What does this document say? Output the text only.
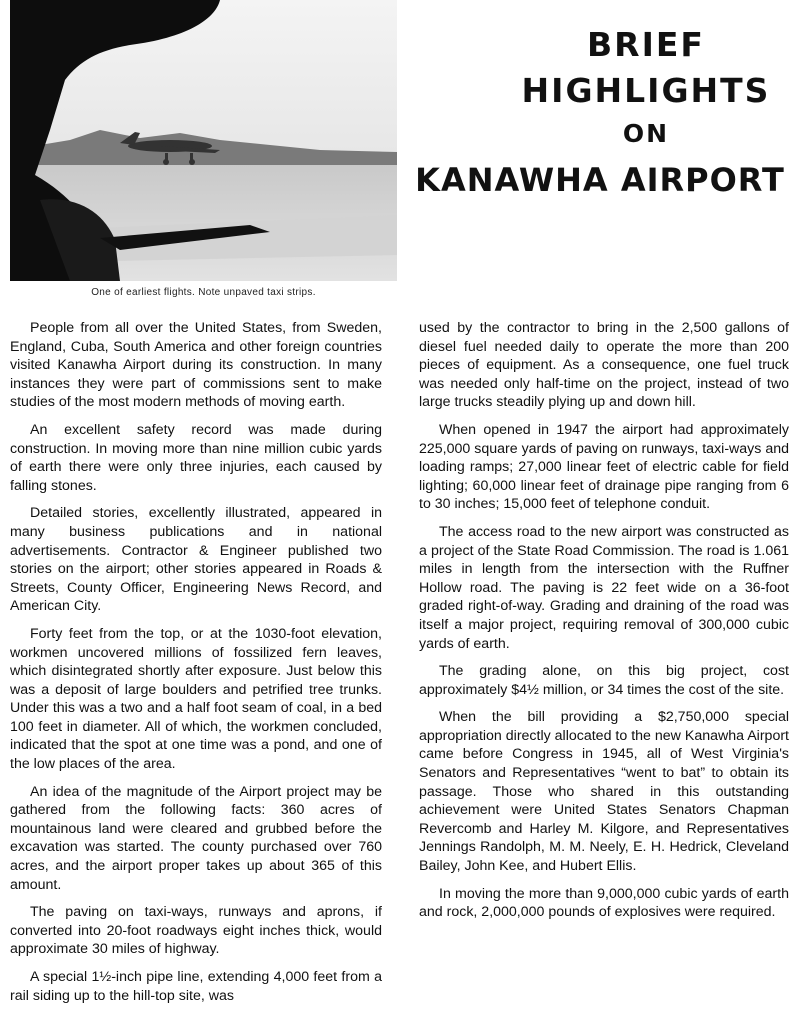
One of earliest flights. Note unpaved taxi strips.
BRIEF
HIGHLIGHTS
ON
KANAWHA AIRPORT

People from all over the United States, from Sweden, England, Cuba, South America and other foreign countries visited Kanawha Airport during its construction. In many instances they were part of commissions sent to make studies of the most modern methods of moving earth.

An excellent safety record was made during construction. In moving more than nine million cubic yards of earth there were only three injuries, each caused by falling stones.

Detailed stories, excellently illustrated, appeared in many business publications and in national advertisements. Contractor & Engineer published two stories on the airport; other stories appeared in Roads & Streets, County Officer, Engineering News Record, and American City.

Forty feet from the top, or at the 1030-foot elevation, workmen uncovered millions of fossilized fern leaves, which disintegrated shortly after exposure. Just below this was a deposit of large boulders and petrified tree trunks. Under this was a two and a half foot seam of coal, in a bed 100 feet in diameter. All of which, the workmen concluded, indicated that the spot at one time was a pond, and one of the low places of the area.

An idea of the magnitude of the Airport project may be gathered from the following facts: 360 acres of mountainous land were cleared and grubbed before the excavation was started. The county purchased over 760 acres, and the airport proper takes up about 365 of this amount.

The paving on taxi-ways, runways and aprons, if converted into 20-foot roadways eight inches thick, would approximate 30 miles of highway.

A special 1½-inch pipe line, extending 4,000 feet from a rail siding up to the hill-top site, was

used by the contractor to bring in the 2,500 gallons of diesel fuel needed daily to operate the more than 200 pieces of equipment. As a consequence, one fuel truck was needed only half-time on the project, instead of two large trucks steadily plying up and down hill.

When opened in 1947 the airport had approximately 225,000 square yards of paving on runways, taxi-ways and loading ramps; 27,000 linear feet of electric cable for field lighting; 60,000 linear feet of drainage pipe ranging from 6 to 30 inches; 15,000 feet of telephone conduit.

The access road to the new airport was constructed as a project of the State Road Commission. The road is 1.061 miles in length from the intersection with the Ruffner Hollow road. The paving is 22 feet wide on a 36-foot graded right-of-way. Grading and draining of the road was itself a major project, requiring removal of 300,000 cubic yards of earth.

The grading alone, on this big project, cost approximately $4½ million, or 34 times the cost of the site.

When the bill providing a $2,750,000 special appropriation directly allocated to the new Kanawha Airport came before Congress in 1945, all of West Virginia's Senators and Representatives “went to bat” to obtain its passage. Those who shared in this outstanding achievement were United States Senators Chapman Revercomb and Harley M. Kilgore, and Representatives Jennings Randolph, M. M. Neely, E. H. Hedrick, Cleveland Bailey, John Kee, and Hubert Ellis.

In moving the more than 9,000,000 cubic yards of earth and rock, 2,000,000 pounds of explosives were required.
